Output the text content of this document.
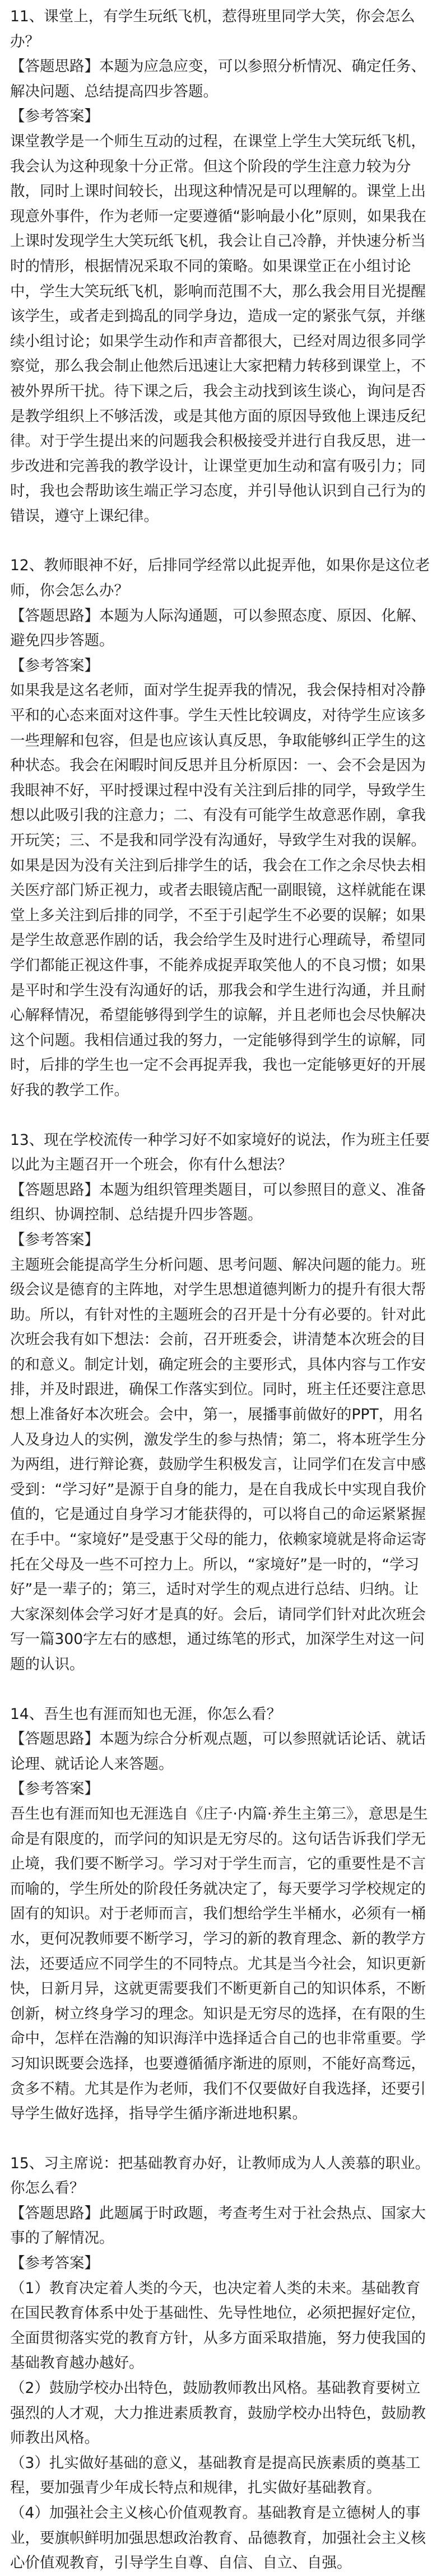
11、课堂上，有学生玩纸飞机，惹得班里同学大笑，你会怎么办？

【答题思路】本题为应急应变，可以参照分析情况、确定任务、解决问题、总结提高四步答题。

【参考答案】

课堂教学是一个师生互动的过程，在课堂上学生大笑玩纸飞机，我会认为这种现象十分正常。但这个阶段的学生注意力较为分散，同时上课时间较长，出现这种情况是可以理解的。课堂上出现意外事件，作为老师一定要遵循“影响最小化”原则，如果我在上课时发现学生大笑玩纸飞机，我会让自己冷静，并快速分析当时的情形，根据情况采取不同的策略。如果课堂正在小组讨论中，学生大笑玩纸飞机，影响而范围不大，那么我会用目光提醒该学生，或者走到捣乱的同学身边，造成一定的紧张气氛，并继续小组讨论；如果学生动作和声音都很大，已经对周边很多同学察觉，那么我会制止他然后迅速让大家把精力转移到课堂上，不被外界所干扰。待下课之后，我会主动找到该生谈心，询问是否是教学组织上不够活泼，或是其他方面的原因导致他上课违反纪律。对于学生提出来的问题我会积极接受并进行自我反思，进一步改进和完善我的教学设计，让课堂更加生动和富有吸引力；同时，我也会帮助该生端正学习态度，并引导他认识到自己行为的错误，遵守上课纪律。

12、教师眼神不好，后排同学经常以此捉弄他，如果你是这位老师，你会怎么办？

【答题思路】本题为人际沟通题，可以参照态度、原因、化解、避免四步答题。

【参考答案】

如果我是这名老师，面对学生捉弄我的情况，我会保持相对冷静平和的心态来面对这件事。学生天性比较调皮，对待学生应该多一些理解和包容，但是也应该认真反思，争取能够纠正学生的这种状态。我会在闲暇时间反思并且分析原因：一、会不会是因为我眼神不好，平时授课过程中没有关注到后排的同学，导致学生想以此吸引我的注意力；二、有没有可能学生故意恶作剧，拿我开玩笑；三、不是我和同学没有沟通好，导致学生对我的误解。如果是因为没有关注到后排学生的话，我会在工作之余尽快去相关医疗部门矫正视力，或者去眼镜店配一副眼镜，这样就能在课堂上多关注到后排的同学，不至于引起学生不必要的误解；如果是学生故意恶作剧的话，我会给学生及时进行心理疏导，希望同学们都能正视这件事，不能养成捉弄取笑他人的不良习惯；如果是平时和学生没有沟通好的话，那我会和学生进行沟通，并且耐心解释情况，希望能够得到学生的谅解，并且老师也会尽快解决这个问题。我相信通过我的努力，一定能够得到学生的谅解，同时，后排的学生也一定不会再捉弄我，我也一定能够更好的开展好我的教学工作。

13、现在学校流传一种学习好不如家境好的说法，作为班主任要以此为主题召开一个班会，你有什么想法？

【答题思路】本题为组织管理类题目，可以参照目的意义、准备组织、协调控制、总结提升四步答题。

【参考答案】

主题班会能提高学生分析问题、思考问题、解决问题的能力。班级会议是德育的主阵地，对学生思想道德判断力的提升有很大帮助。所以，有针对性的主题班会的召开是十分有必要的。针对此次班会我有如下想法：会前，召开班委会，讲清楚本次班会的目的和意义。制定计划，确定班会的主要形式，具体内容与工作安排，并及时跟进，确保工作落实到位。同时，班主任还要注意思想上准备好本次班会。会中，第一，展播事前做好的PPT，用名人及身边人的实例，激发学生的参与热情；第二，将本班学生分为两组，进行辩论赛，鼓励学生积极发言，让同学们在发言中感受到：“学习好”是源于自身的能力，是在自我成长中实现自我价值的，它是通过自身学习才能获得的，可以将自己的命运紧紧握在手中。“家境好”是受惠于父母的能力，依赖家境就是将命运寄托在父母及一些不可控力上。所以，“家境好”是一时的，“学习好”是一辈子的；第三，适时对学生的观点进行总结、归纳。让大家深刻体会学习好才是真的好。会后，请同学们针对此次班会写一篇300字左右的感想，通过练笔的形式，加深学生对这一问题的认识。

14、吾生也有涯而知也无涯，你怎么看？

【答题思路】本题为综合分析观点题，可以参照就话论话、就话论理、就话论人来答题。

【参考答案】

吾生也有涯而知也无涯选自《庄子·内篇·养生主第三》，意思是生命是有限度的，而学问的知识是无穷尽的。这句话告诉我们学无止境，我们要不断学习。学习对于学生而言，它的重要性是不言而喻的，学生所处的阶段任务就决定了，每天要学习学校规定的固有的知识。对于老师而言，我们想给学生半桶水，必须有一桶水，更何况教师要不断学习，学习的新的教育理念、新的教学方法，还要适应不同学生的不同特点。尤其是当今社会，知识更新快，日新月异，这就更需要我们不断更新自己的知识体系，不断创新，树立终身学习的理念。知识是无穷尽的选择，在有限的生命中，怎样在浩瀚的知识海洋中选择适合自己的也非常重要。学习知识既要会选择，也要遵循循序渐进的原则，不能好高骛远，贪多不精。尤其是作为老师，我们不仅要做好自我选择，还要引导学生做好选择，指导学生循序渐进地积累。

15、习主席说：把基础教育办好，让教师成为人人羡慕的职业。你怎么看？

【答题思路】此题属于时政题，考查考生对于社会热点、国家大事的了解情况。

【参考答案】

（1）教育决定着人类的今天，也决定着人类的未来。基础教育在国民教育体系中处于基础性、先导性地位，必须把握好定位，全面贯彻落实党的教育方针，从多方面采取措施，努力使我国的基础教育越办越好。

（2）鼓励学校办出特色，鼓励教师教出风格。基础教育要树立强烈的人才观，大力推进素质教育，鼓励学校办出特色，鼓励教师教出风格。

（3）扎实做好基础的意义，基础教育是提高民族素质的奠基工程，要加强青少年成长特点和规律，扎实做好基础教育。

（4）加强社会主义核心价值观教育。基础教育是立德树人的事业，要旗帜鲜明加强思想政治教育、品德教育，加强社会主义核心价值观教育，引导学生自尊、自信、自立、自强。
